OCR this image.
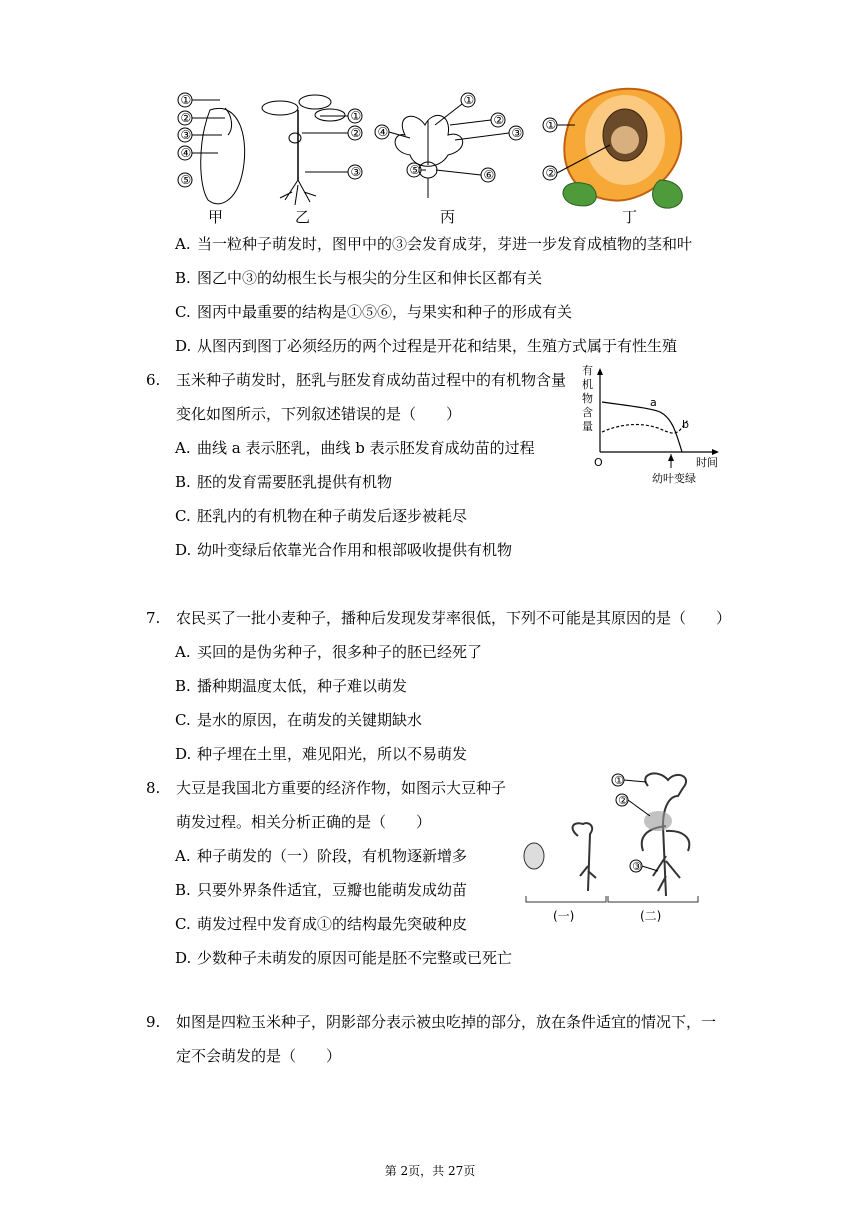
①
②
③
④
⑤
甲
①
②
③
乙
①
②
③
④
⑤	⑥
丙
①
②
丁
A. 当一粒种子萌发时，图甲中的③会发育成芽，芽进一步发育成植物的茎和叶
B. 图乙中③的幼根生长与根尖的分生区和伸长区都有关
C. 图丙中最重要的结构是①⑤⑥，与果实和种子的形成有关
D. 从图丙到图丁必须经历的两个过程是开花和结果，生殖方式属于有性生殖
6. 玉米种子萌发时，胚乳与胚发育成幼苗过程中的有机物含量
变化如图所示，下列叙述错误的是（　　）
A. 曲线 a 表示胚乳，曲线 b 表示胚发育成幼苗的过程
B. 胚的发育需要胚乳提供有机物
C. 胚乳内的有机物在种子萌发后逐步被耗尽
D. 幼叶变绿后依靠光合作用和根部吸收提供有机物
有
机
物
含
量
O	时间
a
b
幼叶变绿
7. 农民买了一批小麦种子，播种后发现发芽率很低，下列不可能是其原因的是（　　）
A. 买回的是伪劣种子，很多种子的胚已经死了
B. 播种期温度太低，种子难以萌发
C. 是水的原因，在萌发的关键期缺水
D. 种子埋在土里，难见阳光，所以不易萌发
8. 大豆是我国北方重要的经济作物，如图示大豆种子
萌发过程。相关分析正确的是（　　）
A. 种子萌发的（一）阶段，有机物逐新增多
B. 只要外界条件适宜，豆瓣也能萌发成幼苗
C. 萌发过程中发育成①的结构最先突破种皮
D. 少数种子未萌发的原因可能是胚不完整或已死亡
①
②
③
(一)	(二)
9. 如图是四粒玉米种子，阴影部分表示被虫吃掉的部分，放在条件适宜的情况下，一
定不会萌发的是（　　）
第 2页，共 27页
